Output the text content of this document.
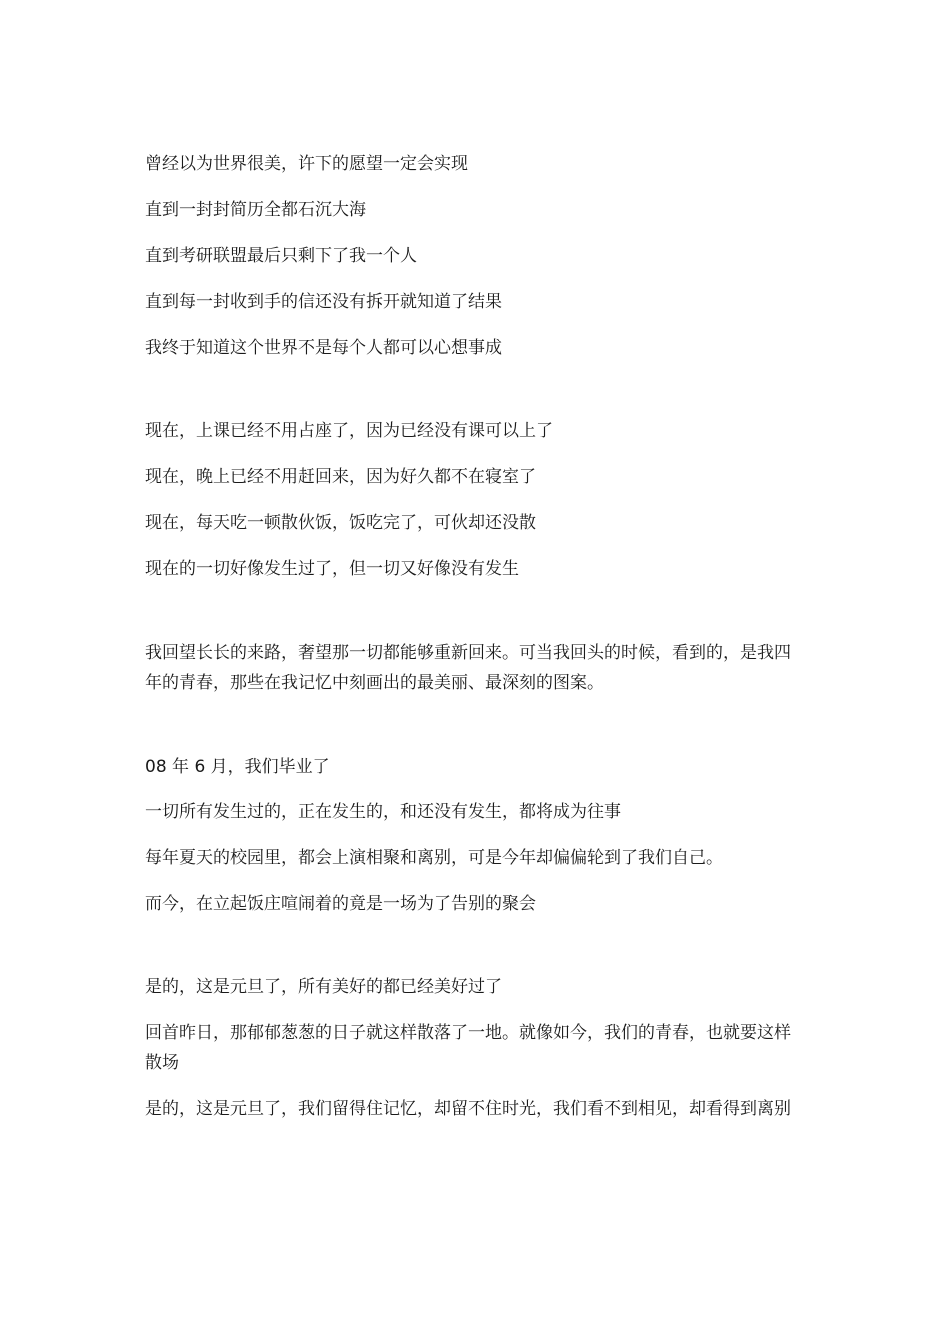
曾经以为世界很美，许下的愿望一定会实现
直到一封封简历全都石沉大海
直到考研联盟最后只剩下了我一个人
直到每一封收到手的信还没有拆开就知道了结果
我终于知道这个世界不是每个人都可以心想事成
现在，上课已经不用占座了，因为已经没有课可以上了
现在，晚上已经不用赶回来，因为好久都不在寝室了
现在，每天吃一顿散伙饭，饭吃完了，可伙却还没散
现在的一切好像发生过了，但一切又好像没有发生
我回望长长的来路，奢望那一切都能够重新回来。可当我回头的时候，看到的，是我四年的青春，那些在我记忆中刻画出的最美丽、最深刻的图案。
08 年 6 月，我们毕业了
一切所有发生过的，正在发生的，和还没有发生，都将成为往事
每年夏天的校园里，都会上演相聚和离别，可是今年却偏偏轮到了我们自己。
而今，在立起饭庄喧闹着的竟是一场为了告别的聚会
是的，这是元旦了，所有美好的都已经美好过了
回首昨日，那郁郁葱葱的日子就这样散落了一地。就像如今，我们的青春，也就要这样散场
是的，这是元旦了，我们留得住记忆，却留不住时光，我们看不到相见，却看得到离别
